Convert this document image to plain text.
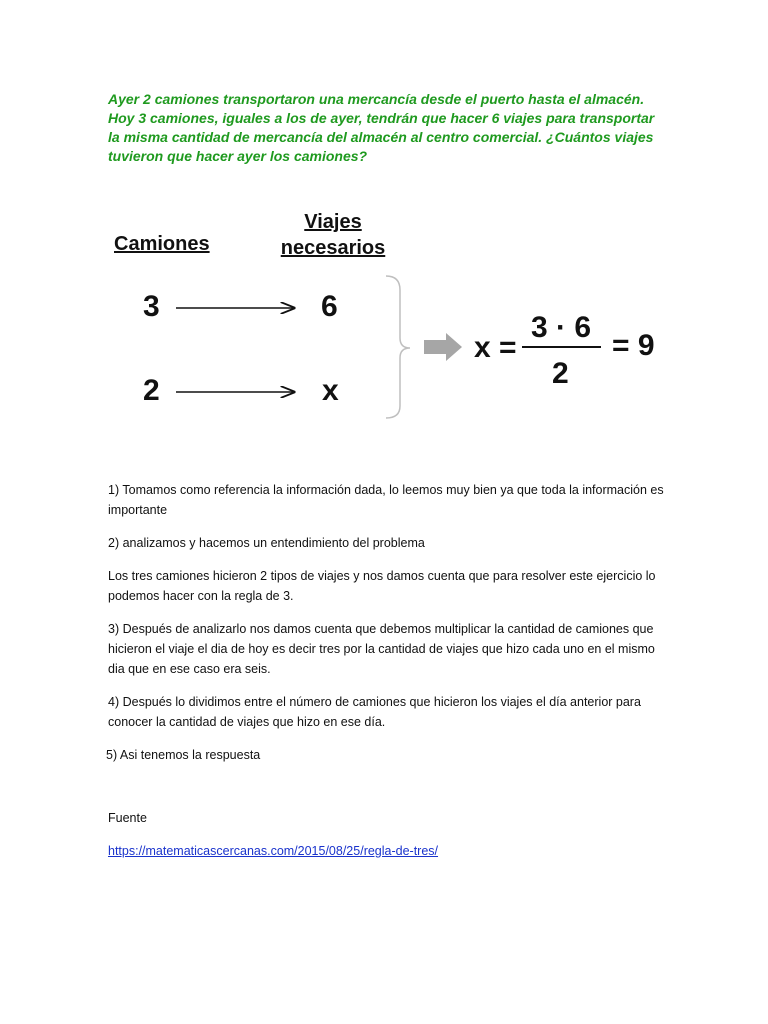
Ayer 2 camiones transportaron una mercancía desde el puerto hasta el almacén. Hoy 3 camiones, iguales a los de ayer, tendrán que hacer 6 viajes para transportar la misma cantidad de mercancía del almacén al centro comercial. ¿Cuántos viajes tuvieron que hacer ayer los camiones?

Camiones
Viajes
necesarios
3	6
2	x
x =
3 · 6
2
= 9

1) Tomamos como referencia la información dada, lo leemos muy bien ya que toda la información es importante

2) analizamos y hacemos un entendimiento del problema

Los tres camiones hicieron 2 tipos de viajes y nos damos cuenta que para resolver este ejercicio lo podemos hacer con la regla de 3.

3) Después de analizarlo nos damos cuenta que debemos multiplicar la cantidad de camiones que hicieron el viaje el dia de hoy es decir tres por la cantidad de viajes que hizo cada uno en el mismo dia que en ese caso era seis.

4) Después lo dividimos entre el número de camiones que hicieron los viajes el día anterior para conocer la cantidad de viajes que hizo en ese día.

5) Asi tenemos la respuesta

Fuente
https://matematicascercanas.com/2015/08/25/regla-de-tres/
